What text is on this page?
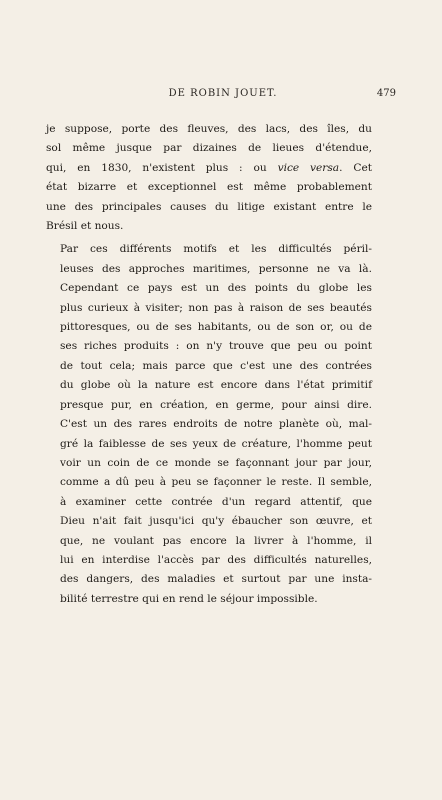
DE ROBIN JOUET.	479

je suppose, porte des fleuves, des lacs, des îles, du
sol même jusque par dizaines de lieues d'étendue,
qui, en 1830, n'existent plus : ou vice versa. Cet
état bizarre et exceptionnel est même probablement
une des principales causes du litige existant entre le
Brésil et nous.

Par ces différents motifs et les difficultés péril-
leuses des approches maritimes, personne ne va là.
Cependant ce pays est un des points du globe les
plus curieux à visiter; non pas à raison de ses beautés
pittoresques, ou de ses habitants, ou de son or, ou de
ses riches produits : on n'y trouve que peu ou point
de tout cela; mais parce que c'est une des contrées
du globe où la nature est encore dans l'état primitif
presque pur, en création, en germe, pour ainsi dire.
C'est un des rares endroits de notre planète où, mal-
gré la faiblesse de ses yeux de créature, l'homme peut
voir un coin de ce monde se façonnant jour par jour,
comme a dû peu à peu se façonner le reste. Il semble,
à examiner cette contrée d'un regard attentif, que
Dieu n'ait fait jusqu'ici qu'y ébaucher son œuvre, et
que, ne voulant pas encore la livrer à l'homme, il
lui en interdise l'accès par des difficultés naturelles,
des dangers, des maladies et surtout par une insta-
bilité terrestre qui en rend le séjour impossible.
